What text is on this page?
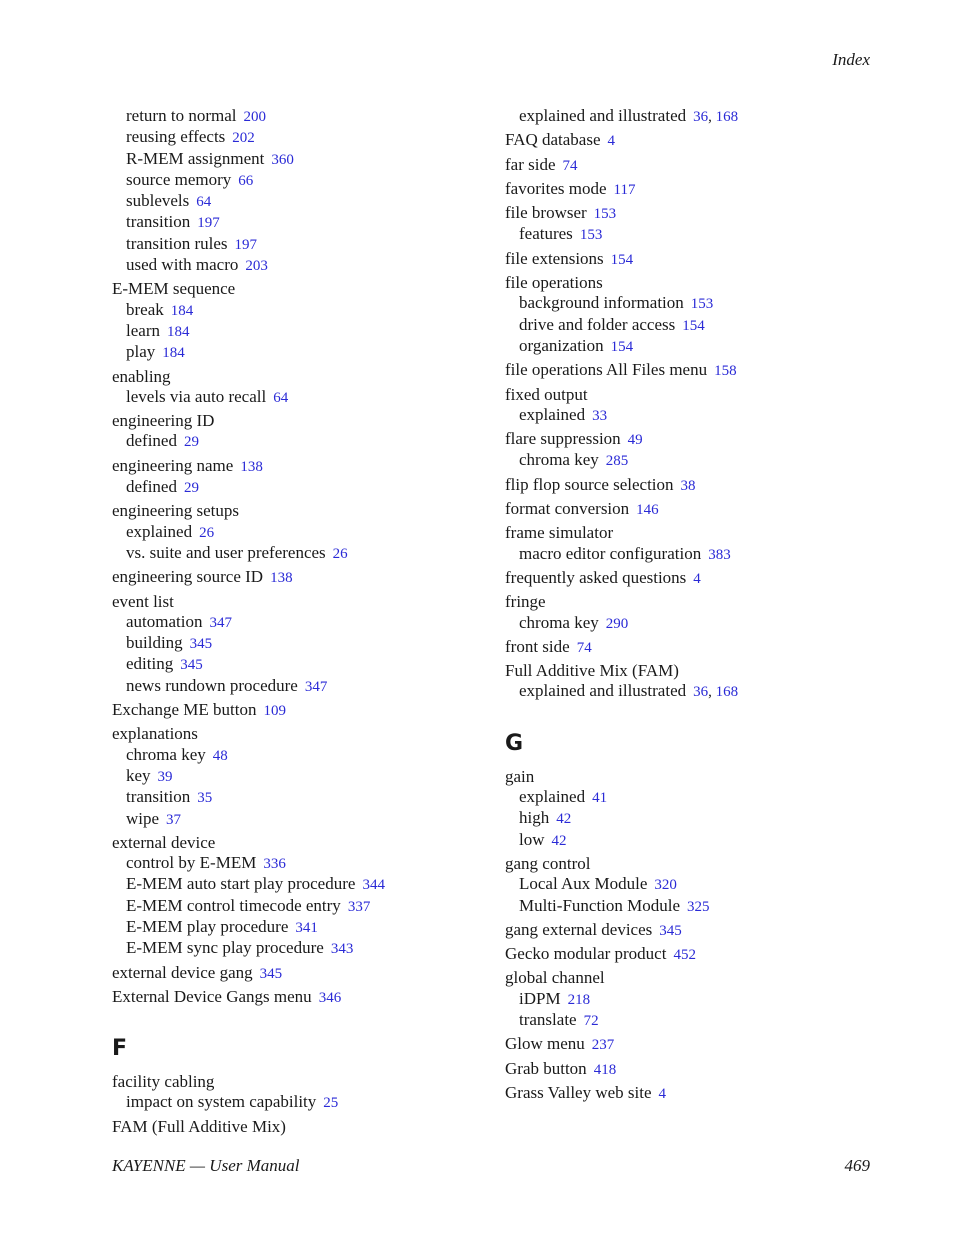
Index
return to normal 200
reusing effects 202
R-MEM assignment 360
source memory 66
sublevels 64
transition 197
transition rules 197
used with macro 203
E-MEM sequence
break 184
learn 184
play 184
enabling
levels via auto recall 64
engineering ID
defined 29
engineering name 138
defined 29
engineering setups
explained 26
vs. suite and user preferences 26
engineering source ID 138
event list
automation 347
building 345
editing 345
news rundown procedure 347
Exchange ME button 109
explanations
chroma key 48
key 39
transition 35
wipe 37
external device
control by E-MEM 336
E-MEM auto start play procedure 344
E-MEM control timecode entry 337
E-MEM play procedure 341
E-MEM sync play procedure 343
external device gang 345
External Device Gangs menu 346
F
facility cabling
impact on system capability 25
FAM (Full Additive Mix)
explained and illustrated 36, 168
FAQ database 4
far side 74
favorites mode 117
file browser 153
features 153
file extensions 154
file operations
background information 153
drive and folder access 154
organization 154
file operations All Files menu 158
fixed output
explained 33
flare suppression 49
chroma key 285
flip flop source selection 38
format conversion 146
frame simulator
macro editor configuration 383
frequently asked questions 4
fringe
chroma key 290
front side 74
Full Additive Mix (FAM)
explained and illustrated 36, 168
G
gain
explained 41
high 42
low 42
gang control
Local Aux Module 320
Multi-Function Module 325
gang external devices 345
Gecko modular product 452
global channel
iDPM 218
translate 72
Glow menu 237
Grab button 418
Grass Valley web site 4
KAYENNE — User Manual	469
